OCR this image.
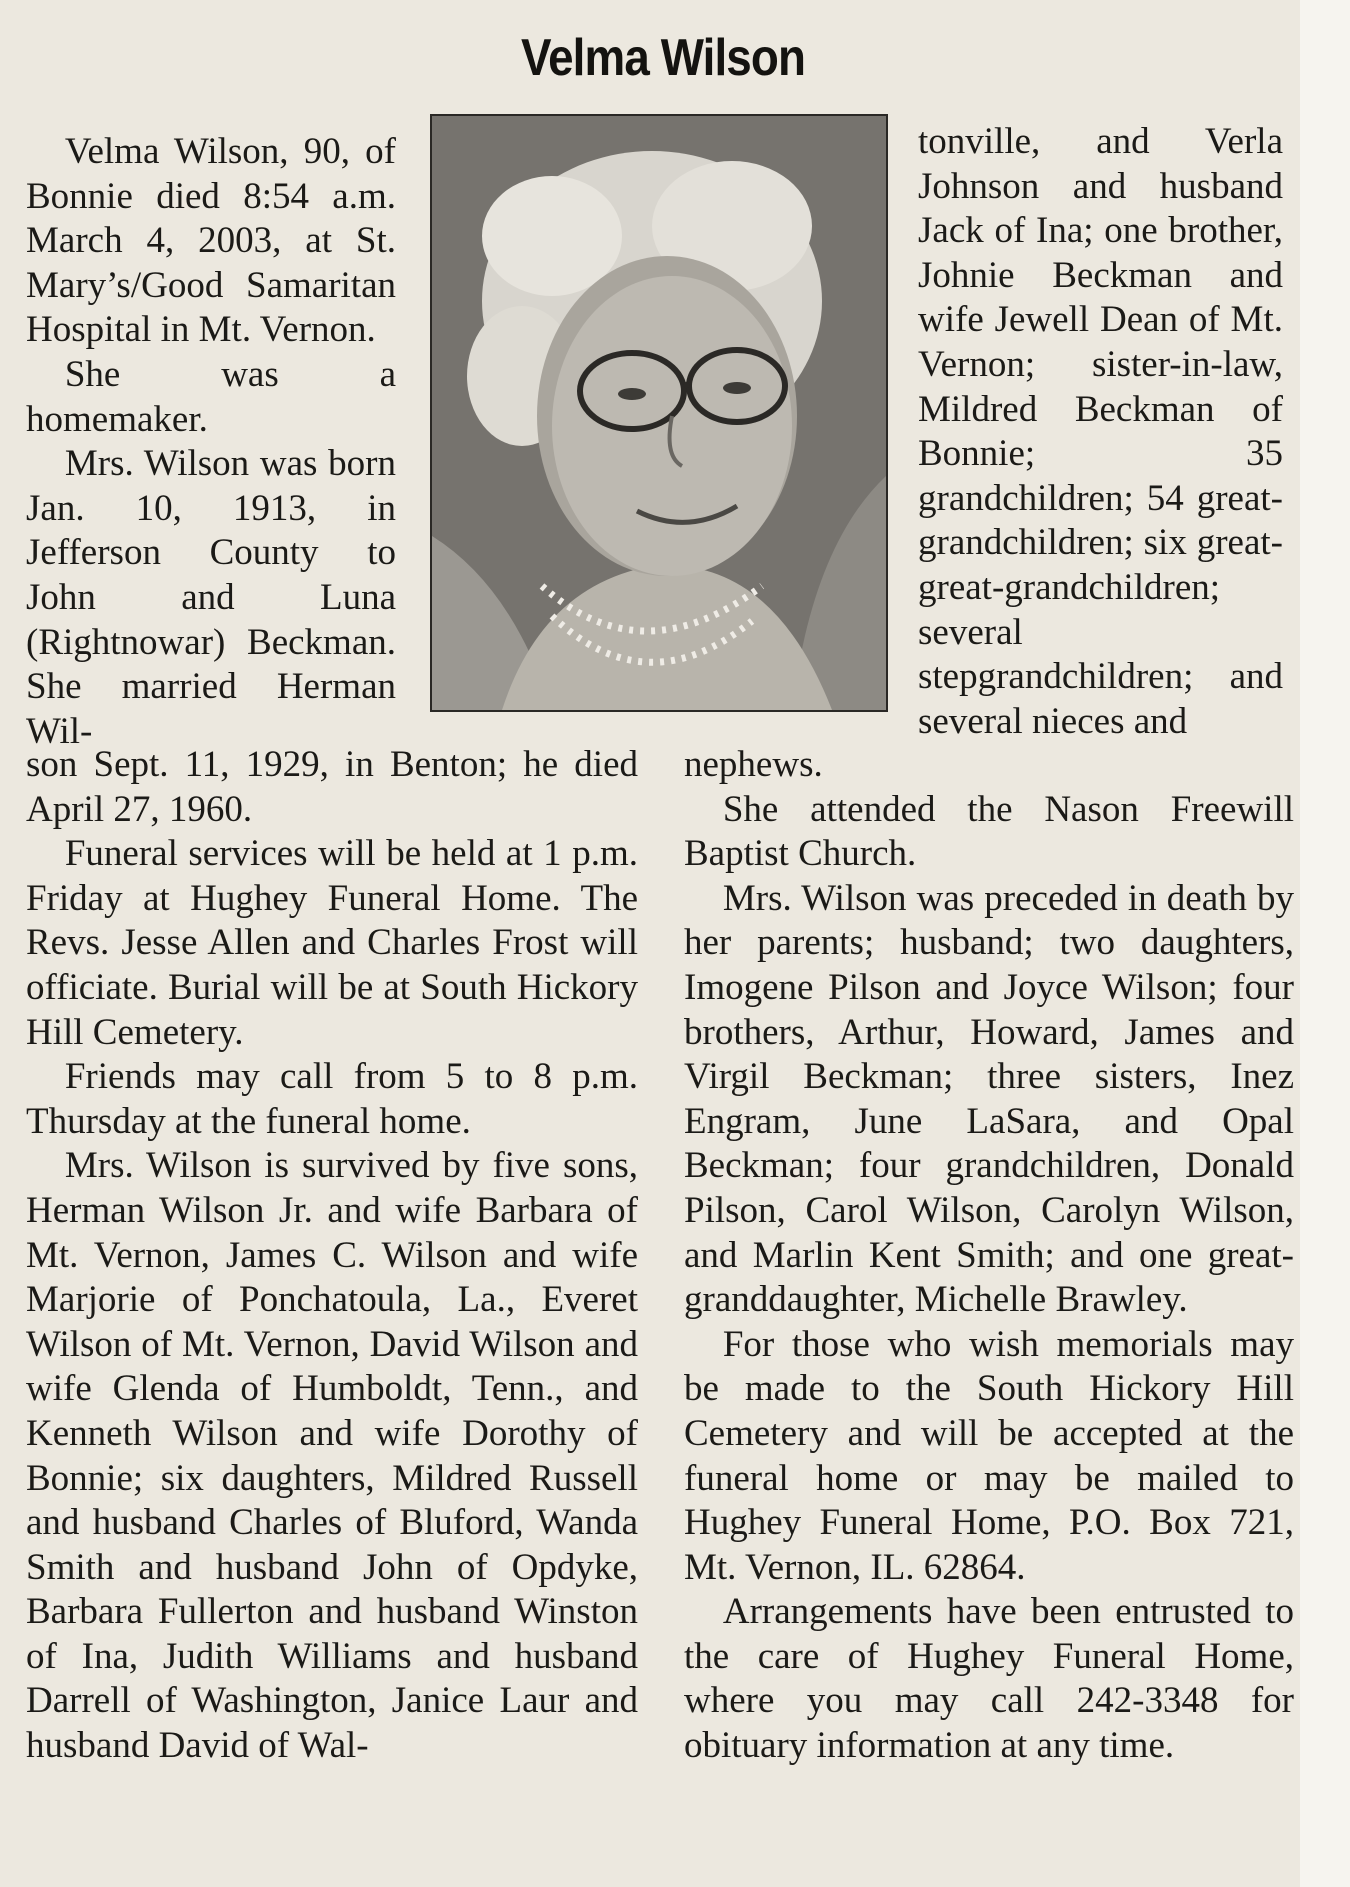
Velma Wilson

Velma Wilson, 90, of Bonnie died 8:54 a.m. March 4, 2003, at St. Mary’s/Good Samaritan Hospital in Mt. Vernon.

She was a homemaker.

Mrs. Wilson was born Jan. 10, 1913, in Jefferson County to John and Luna (Rightnowar) Beckman. She married Herman Wil-

son Sept. 11, 1929, in Benton; he died April 27, 1960.

Funeral services will be held at 1 p.m. Friday at Hughey Funeral Home. The Revs. Jesse Allen and Charles Frost will officiate. Burial will be at South Hickory Hill Cemetery.

Friends may call from 5 to 8 p.m. Thursday at the funeral home.

Mrs. Wilson is survived by five sons, Herman Wilson Jr. and wife Barbara of Mt. Vernon, James C. Wilson and wife Marjorie of Ponchatoula, La., Everet Wilson of Mt. Vernon, David Wilson and wife Glenda of Humboldt, Tenn., and Kenneth Wilson and wife Dorothy of Bonnie; six daughters, Mildred Russell and husband Charles of Bluford, Wanda Smith and husband John of Opdyke, Barbara Fullerton and husband Winston of Ina, Judith Williams and husband Darrell of Washington, Janice Laur and husband David of Wal-

tonville, and Verla Johnson and husband Jack of Ina; one brother, Johnie Beckman and wife Jewell Dean of Mt. Vernon; sister-in-law, Mildred Beckman of Bonnie; 35 grandchildren; 54 great-grandchildren; six great-great-grandchildren; several stepgrandchildren; and several nieces and

nephews.

She attended the Nason Freewill Baptist Church.

Mrs. Wilson was preceded in death by her parents; husband; two daughters, Imogene Pilson and Joyce Wilson; four brothers, Arthur, Howard, James and Virgil Beckman; three sisters, Inez Engram, June LaSara, and Opal Beckman; four grandchildren, Donald Pilson, Carol Wilson, Carolyn Wilson, and Marlin Kent Smith; and one great-granddaughter, Michelle Brawley.

For those who wish memorials may be made to the South Hickory Hill Cemetery and will be accepted at the funeral home or may be mailed to Hughey Funeral Home, P.O. Box 721, Mt. Vernon, IL. 62864.

Arrangements have been entrusted to the care of Hughey Funeral Home, where you may call 242-3348 for obituary information at any time.
